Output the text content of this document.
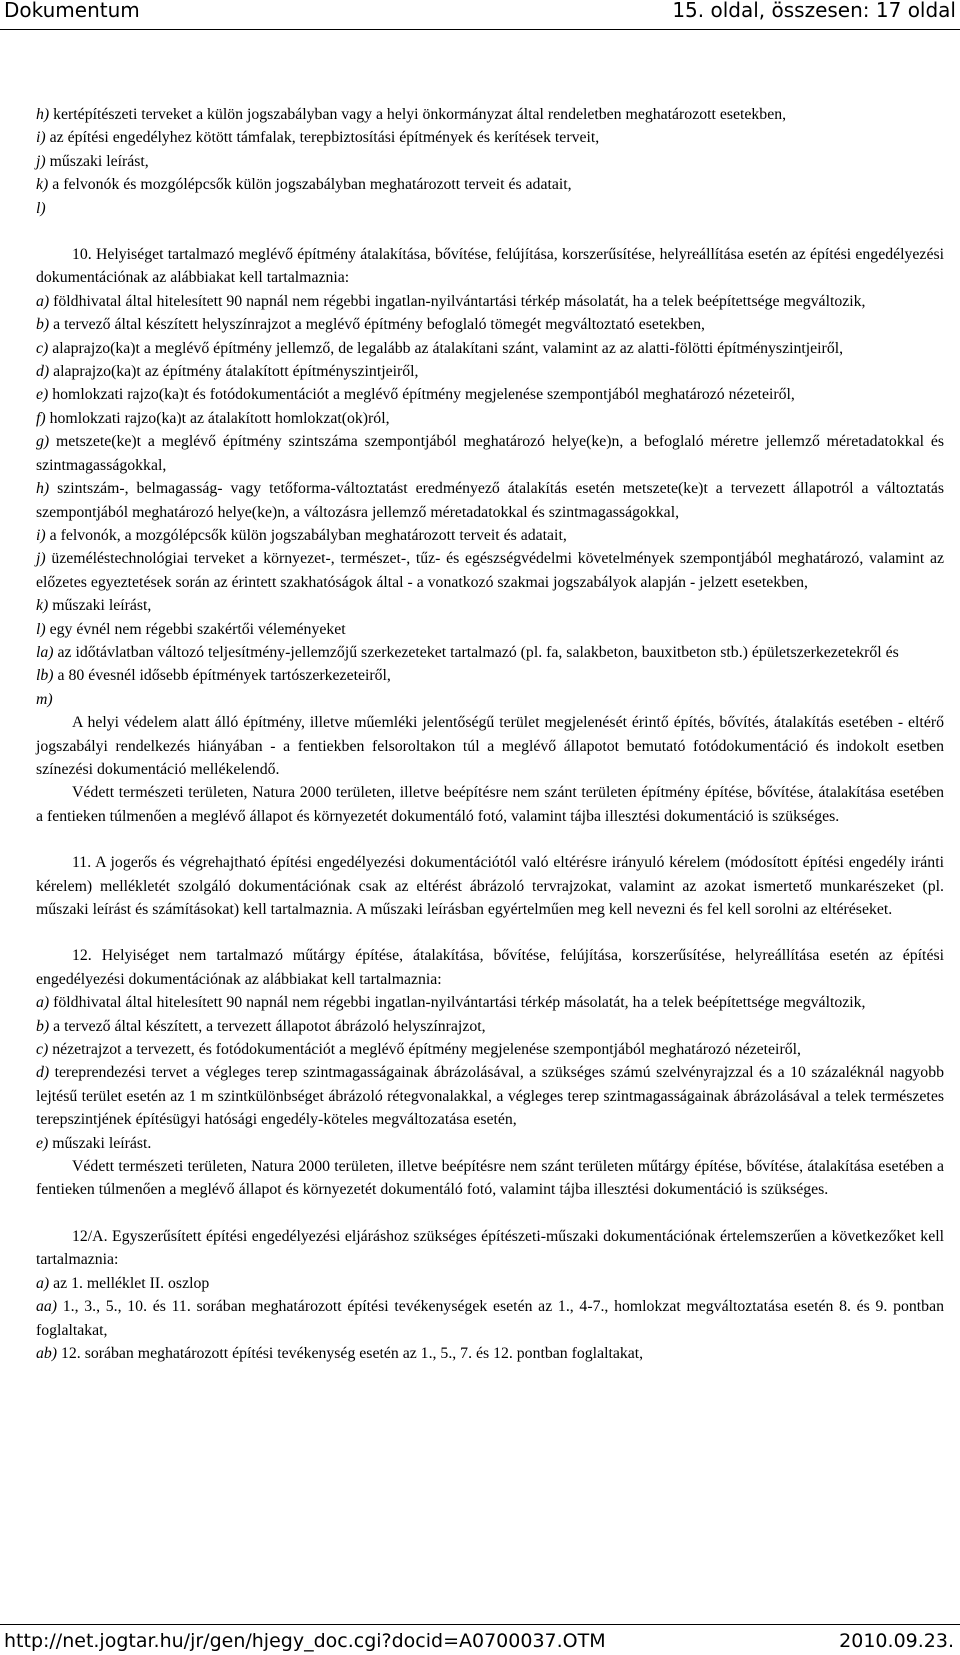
Dokumentum	15. oldal, összesen: 17 oldal

h) kertépítészeti terveket a külön jogszabályban vagy a helyi önkormányzat által rendeletben meghatározott esetekben,

i) az építési engedélyhez kötött támfalak, terepbiztosítási építmények és kerítések terveit,

j) műszaki leírást,

k) a felvonók és mozgólépcsők külön jogszabályban meghatározott terveit és adatait,

l)

10. Helyiséget tartalmazó meglévő építmény átalakítása, bővítése, felújítása, korszerűsítése, helyreállítása esetén az építési engedélyezési dokumentációnak az alábbiakat kell tartalmaznia:

a) földhivatal által hitelesített 90 napnál nem régebbi ingatlan-nyilvántartási térkép másolatát, ha a telek beépítettsége megváltozik,

b) a tervező által készített helyszínrajzot a meglévő építmény befoglaló tömegét megváltoztató esetekben,

c) alaprajzo(ka)t a meglévő építmény jellemző, de legalább az átalakítani szánt, valamint az az alatti-fölötti építményszintjeiről,

d) alaprajzo(ka)t az építmény átalakított építményszintjeiről,

e) homlokzati rajzo(ka)t és fotódokumentációt a meglévő építmény megjelenése szempontjából meghatározó nézeteiről,

f) homlokzati rajzo(ka)t az átalakított homlokzat(ok)ról,

g) metszete(ke)t a meglévő építmény szintszáma szempontjából meghatározó helye(ke)n, a befoglaló méretre jellemző méretadatokkal és szintmagasságokkal,

h) szintszám-, belmagasság- vagy tetőforma-változtatást eredményező átalakítás esetén metszete(ke)t a tervezett állapotról a változtatás szempontjából meghatározó helye(ke)n, a változásra jellemző méretadatokkal és szintmagasságokkal,

i) a felvonók, a mozgólépcsők külön jogszabályban meghatározott terveit és adatait,

j) üzeméléstechnológiai terveket a környezet-, természet-, tűz- és egészségvédelmi követelmények szempontjából meghatározó, valamint az előzetes egyeztetések során az érintett szakhatóságok által - a vonatkozó szakmai jogszabályok alapján - jelzett esetekben,

k) műszaki leírást,

l) egy évnél nem régebbi szakértői véleményeket

la) az időtávlatban változó teljesítmény-jellemzőjű szerkezeteket tartalmazó (pl. fa, salakbeton, bauxitbeton stb.) épületszerkezetekről és

lb) a 80 évesnél idősebb építmények tartószerkezeteiről,

m)

A helyi védelem alatt álló építmény, illetve műemléki jelentőségű terület megjelenését érintő építés, bővítés, átalakítás esetében - eltérő jogszabályi rendelkezés hiányában - a fentiekben felsoroltakon túl a meglévő állapotot bemutató fotódokumentáció és indokolt esetben színezési dokumentáció mellékelendő.

Védett természeti területen, Natura 2000 területen, illetve beépítésre nem szánt területen építmény építése, bővítése, átalakítása esetében a fentieken túlmenően a meglévő állapot és környezetét dokumentáló fotó, valamint tájba illesztési dokumentáció is szükséges.

11. A jogerős és végrehajtható építési engedélyezési dokumentációtól való eltérésre irányuló kérelem (módosított építési engedély iránti kérelem) mellékletét szolgáló dokumentációnak csak az eltérést ábrázoló tervrajzokat, valamint az azokat ismertető munkarészeket (pl. műszaki leírást és számításokat) kell tartalmaznia. A műszaki leírásban egyértelműen meg kell nevezni és fel kell sorolni az eltéréseket.

12. Helyiséget nem tartalmazó műtárgy építése, átalakítása, bővítése, felújítása, korszerűsítése, helyreállítása esetén az építési engedélyezési dokumentációnak az alábbiakat kell tartalmaznia:

a) földhivatal által hitelesített 90 napnál nem régebbi ingatlan-nyilvántartási térkép másolatát, ha a telek beépítettsége megváltozik,

b) a tervező által készített, a tervezett állapotot ábrázoló helyszínrajzot,

c) nézetrajzot a tervezett, és fotódokumentációt a meglévő építmény megjelenése szempontjából meghatározó nézeteiről,

d) tereprendezési tervet a végleges terep szintmagasságainak ábrázolásával, a szükséges számú szelvényrajzzal és a 10 százaléknál nagyobb lejtésű terület esetén az 1 m szintkülönbséget ábrázoló rétegvonalakkal, a végleges terep szintmagasságainak ábrázolásával a telek természetes terepszintjének építésügyi hatósági engedély-köteles megváltozatása esetén,

e) műszaki leírást.

Védett természeti területen, Natura 2000 területen, illetve beépítésre nem szánt területen műtárgy építése, bővítése, átalakítása esetében a fentieken túlmenően a meglévő állapot és környezetét dokumentáló fotó, valamint tájba illesztési dokumentáció is szükséges.

12/A. Egyszerűsített építési engedélyezési eljáráshoz szükséges építészeti-műszaki dokumentációnak értelemszerűen a következőket kell tartalmaznia:

a) az 1. melléklet II. oszlop

aa) 1., 3., 5., 10. és 11. sorában meghatározott építési tevékenységek esetén az 1., 4-7., homlokzat megváltoztatása esetén 8. és 9. pontban foglaltakat,

ab) 12. sorában meghatározott építési tevékenység esetén az 1., 5., 7. és 12. pontban foglaltakat,

http://net.jogtar.hu/jr/gen/hjegy_doc.cgi?docid=A0700037.OTM	2010.09.23.
